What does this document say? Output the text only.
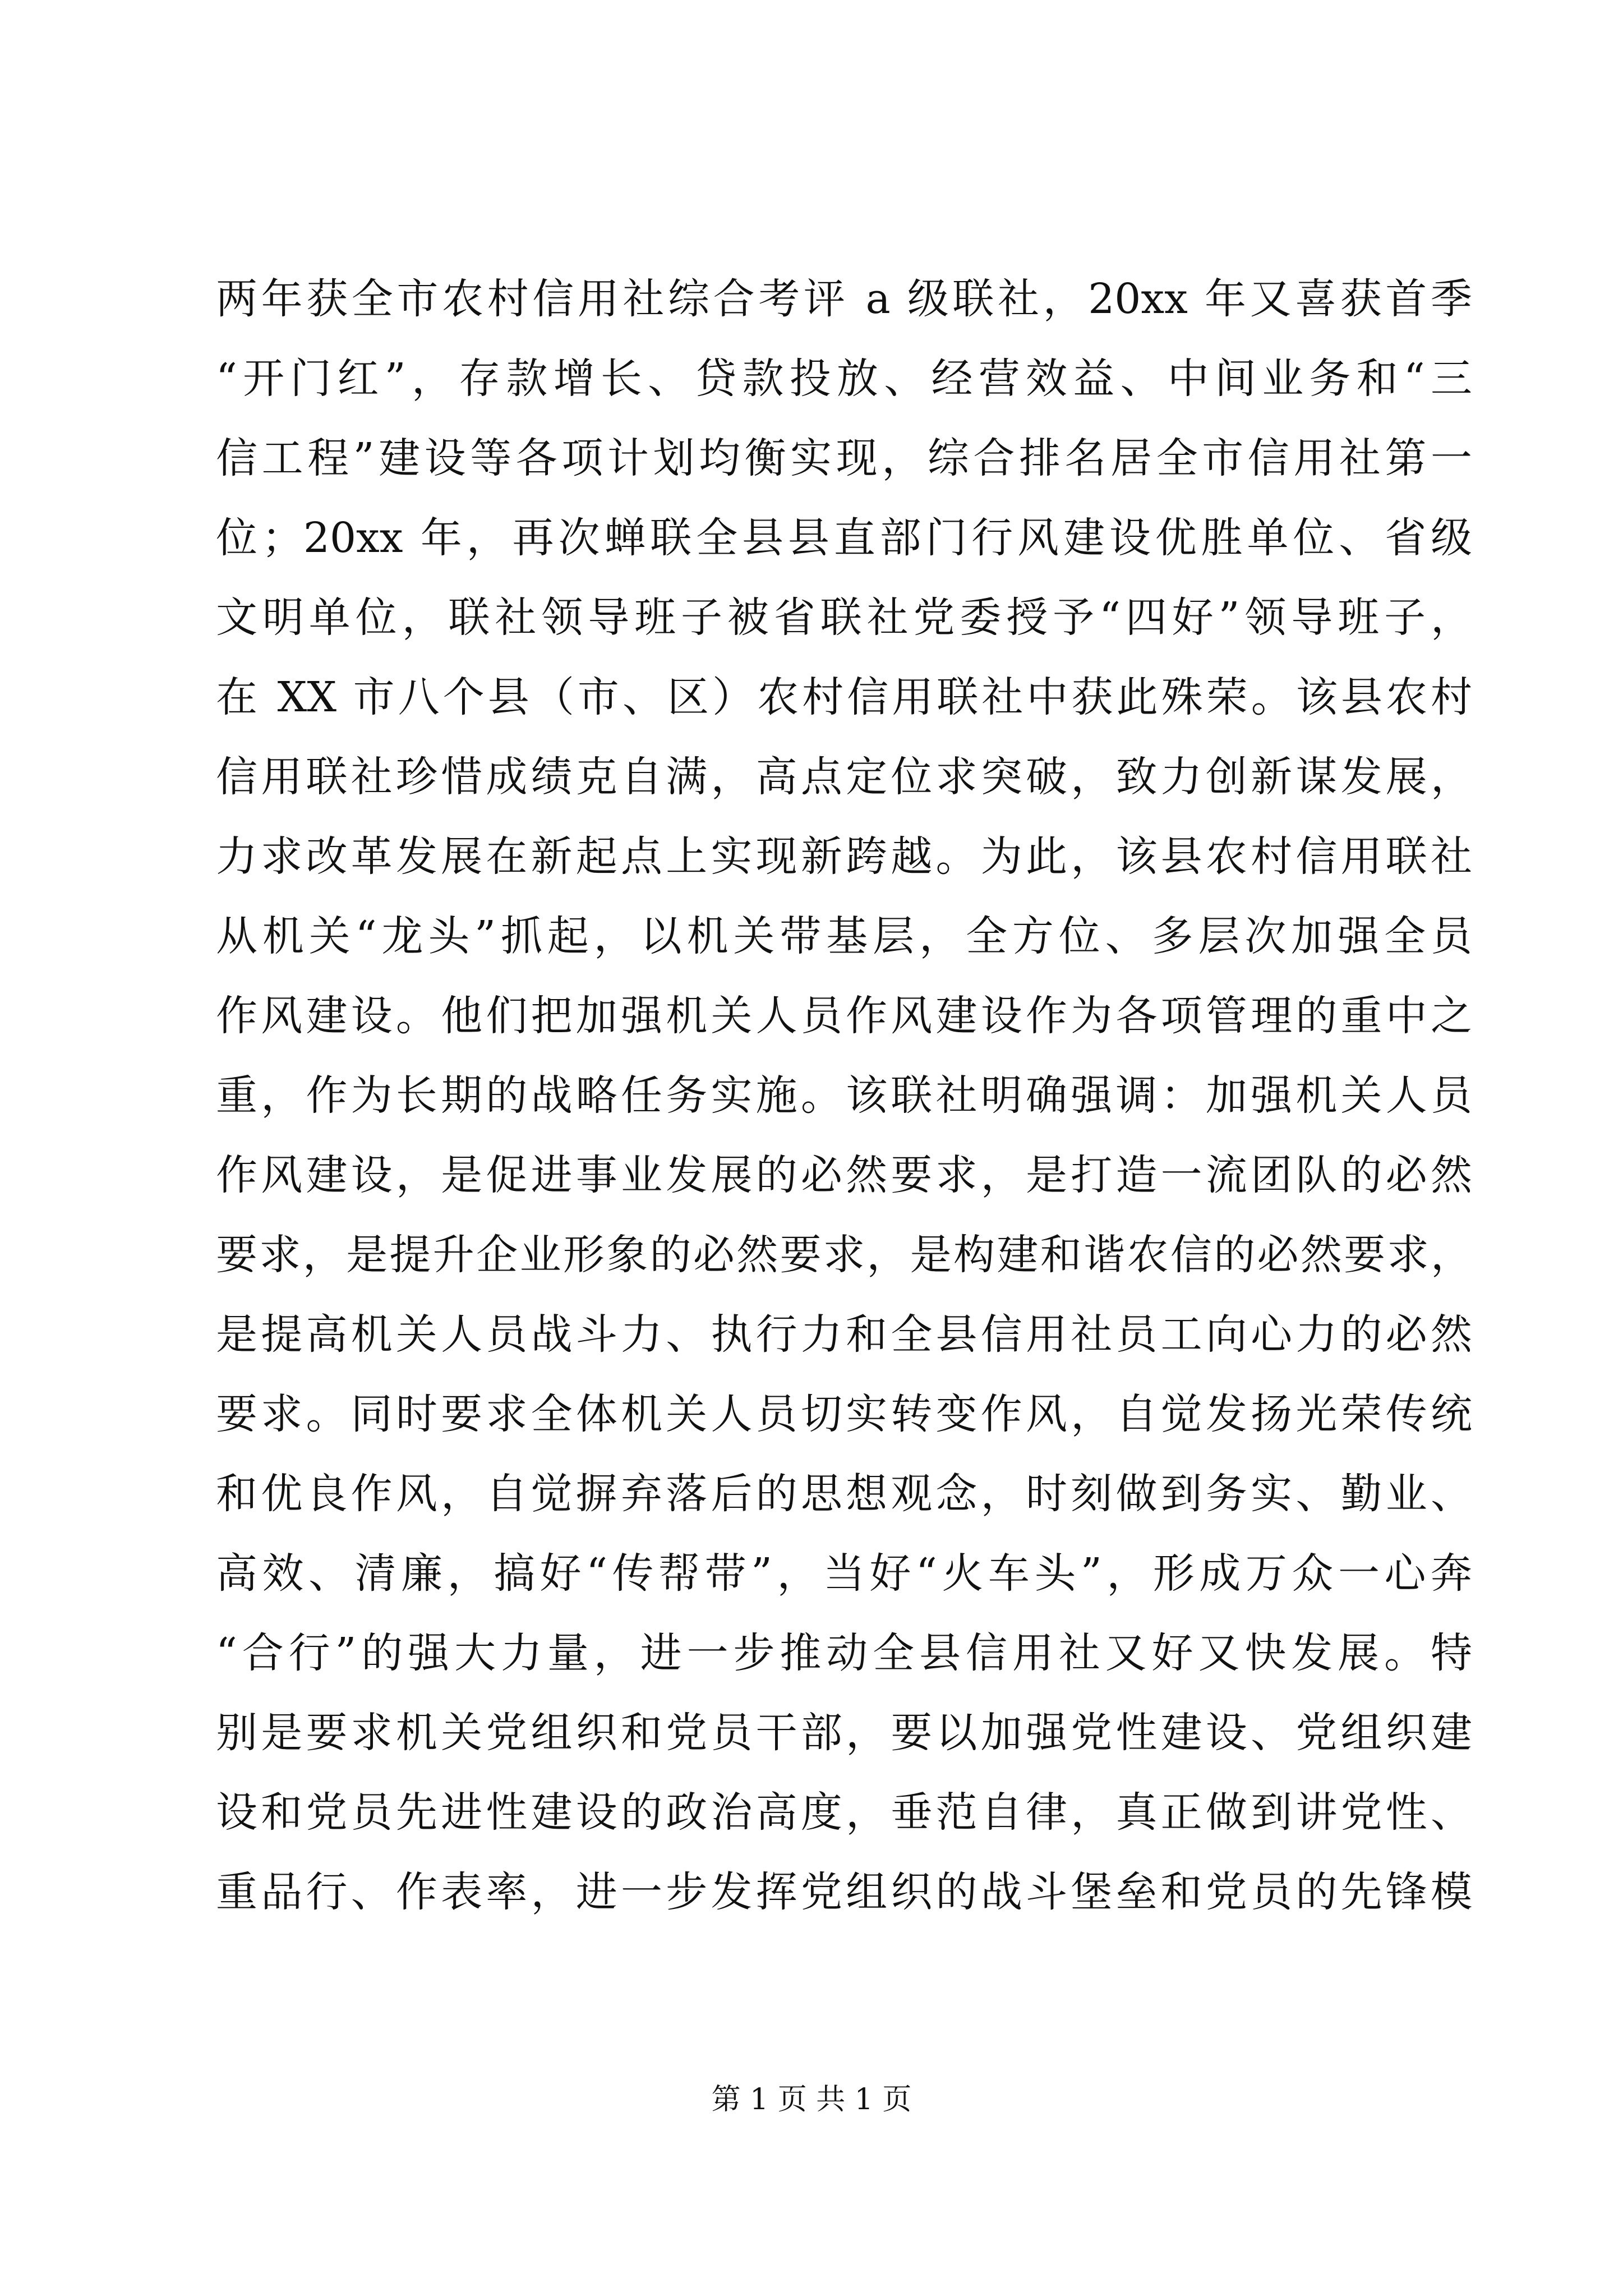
两年获全市农村信用社综合考评 a 级联社，20xx 年又喜获首季
“开门红”，存款增长、贷款投放、经营效益、中间业务和“三
信工程”建设等各项计划均衡实现，综合排名居全市信用社第一
位；20xx 年，再次蝉联全县县直部门行风建设优胜单位、省级
文明单位，联社领导班子被省联社党委授予“四好”领导班子，
在 XX 市八个县（市、区）农村信用联社中获此殊荣。该县农村
信用联社珍惜成绩克自满，高点定位求突破，致力创新谋发展，
力求改革发展在新起点上实现新跨越。为此，该县农村信用联社
从机关“龙头”抓起，以机关带基层，全方位、多层次加强全员
作风建设。他们把加强机关人员作风建设作为各项管理的重中之
重，作为长期的战略任务实施。该联社明确强调：加强机关人员
作风建设，是促进事业发展的必然要求，是打造一流团队的必然
要求，是提升企业形象的必然要求，是构建和谐农信的必然要求，
是提高机关人员战斗力、执行力和全县信用社员工向心力的必然
要求。同时要求全体机关人员切实转变作风，自觉发扬光荣传统
和优良作风，自觉摒弃落后的思想观念，时刻做到务实、勤业、
高效、清廉，搞好“传帮带”，当好“火车头”，形成万众一心奔
“合行”的强大力量，进一步推动全县信用社又好又快发展。特
别是要求机关党组织和党员干部，要以加强党性建设、党组织建
设和党员先进性建设的政治高度，垂范自律，真正做到讲党性、
重品行、作表率，进一步发挥党组织的战斗堡垒和党员的先锋模
第 1 页 共 1 页
